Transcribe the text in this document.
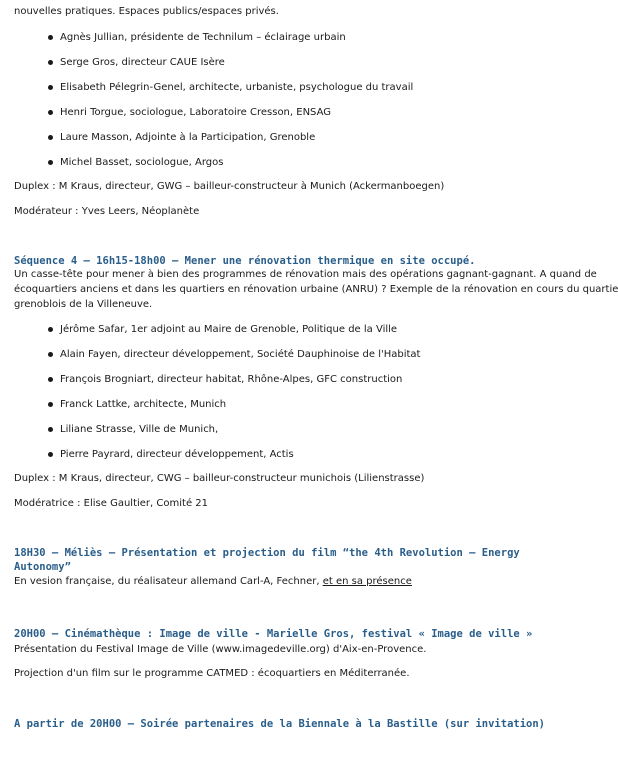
nouvelles pratiques. Espaces publics/espaces privés.
Agnès Jullian, présidente de Technilum – éclairage urbain
Serge Gros, directeur CAUE Isère
Elisabeth Pélegrin-Genel, architecte, urbaniste, psychologue du travail
Henri Torgue, sociologue, Laboratoire Cresson, ENSAG
Laure Masson, Adjointe à la Participation, Grenoble
Michel Basset, sociologue, Argos
Duplex : M Kraus, directeur, GWG – bailleur-constructeur à Munich (Ackermanboegen)
Modérateur : Yves Leers, Néoplanète
Séquence 4 – 16h15-18h00 – Mener une rénovation thermique en site occupé.
Un casse-tête pour mener à bien des programmes de rénovation mais des opérations gagnant-gagnant. A quand de
écoquartiers anciens et dans les quartiers en rénovation urbaine (ANRU) ? Exemple de la rénovation en cours du quartie
grenoblois de la Villeneuve.
Jérôme Safar, 1er adjoint au Maire de Grenoble, Politique de la Ville
Alain Fayen, directeur développement, Société Dauphinoise de l'Habitat
François Brogniart, directeur habitat, Rhône-Alpes, GFC construction
Franck Lattke, architecte, Munich
Liliane Strasse, Ville de Munich,
Pierre Payrard, directeur développement, Actis
Duplex : M Kraus, directeur, CWG – bailleur-constructeur munichois (Lilienstrasse)
Modératrice : Elise Gaultier, Comité 21
18H30 – Méliès – Présentation et projection du film “the 4th Revolution – Energy
Autonomy”
En vesion française, du réalisateur allemand Carl-A, Fechner, et en sa présence
20H00 – Cinémathèque : Image de ville - Marielle Gros, festival « Image de ville »
Présentation du Festival Image de Ville (www.imagedeville.org) d'Aix-en-Provence.
Projection d'un film sur le programme CATMED : écoquartiers en Méditerranée.
A partir de 20H00 – Soirée partenaires de la Biennale à la Bastille (sur invitation)
